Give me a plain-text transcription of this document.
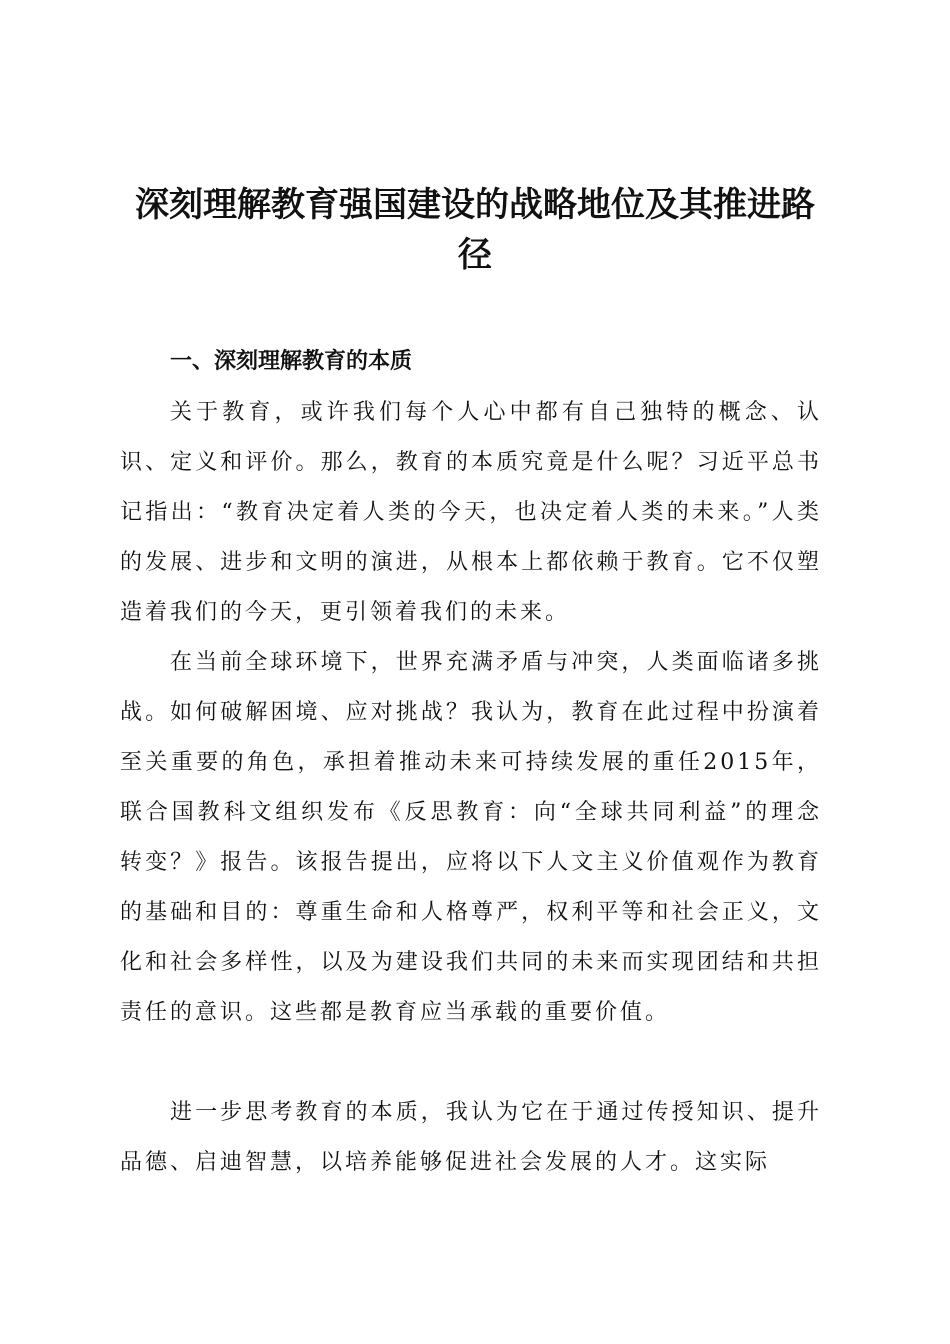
深刻理解教育强国建设的战略地位及其推进路径
一、深刻理解教育的本质

关于教育，或许我们每个人心中都有自己独特的概念、认识、定义和评价。那么，教育的本质究竟是什么呢？习近平总书记指出：“教育决定着人类的今天，也决定着人类的未来。”人类的发展、进步和文明的演进，从根本上都依赖于教育。它不仅塑造着我们的今天，更引领着我们的未来。

在当前全球环境下，世界充满矛盾与冲突，人类面临诸多挑战。如何破解困境、应对挑战？我认为，教育在此过程中扮演着至关重要的角色，承担着推动未来可持续发展的重任2015年，联合国教科文组织发布《反思教育：向“全球共同利益”的理念转变？》报告。该报告提出，应将以下人文主义价值观作为教育的基础和目的：尊重生命和人格尊严，权利平等和社会正义，文化和社会多样性，以及为建设我们共同的未来而实现团结和共担责任的意识。这些都是教育应当承载的重要价值。

进一步思考教育的本质，我认为它在于通过传授知识、提升品德、启迪智慧，以培养能够促进社会发展的人才。这实际
